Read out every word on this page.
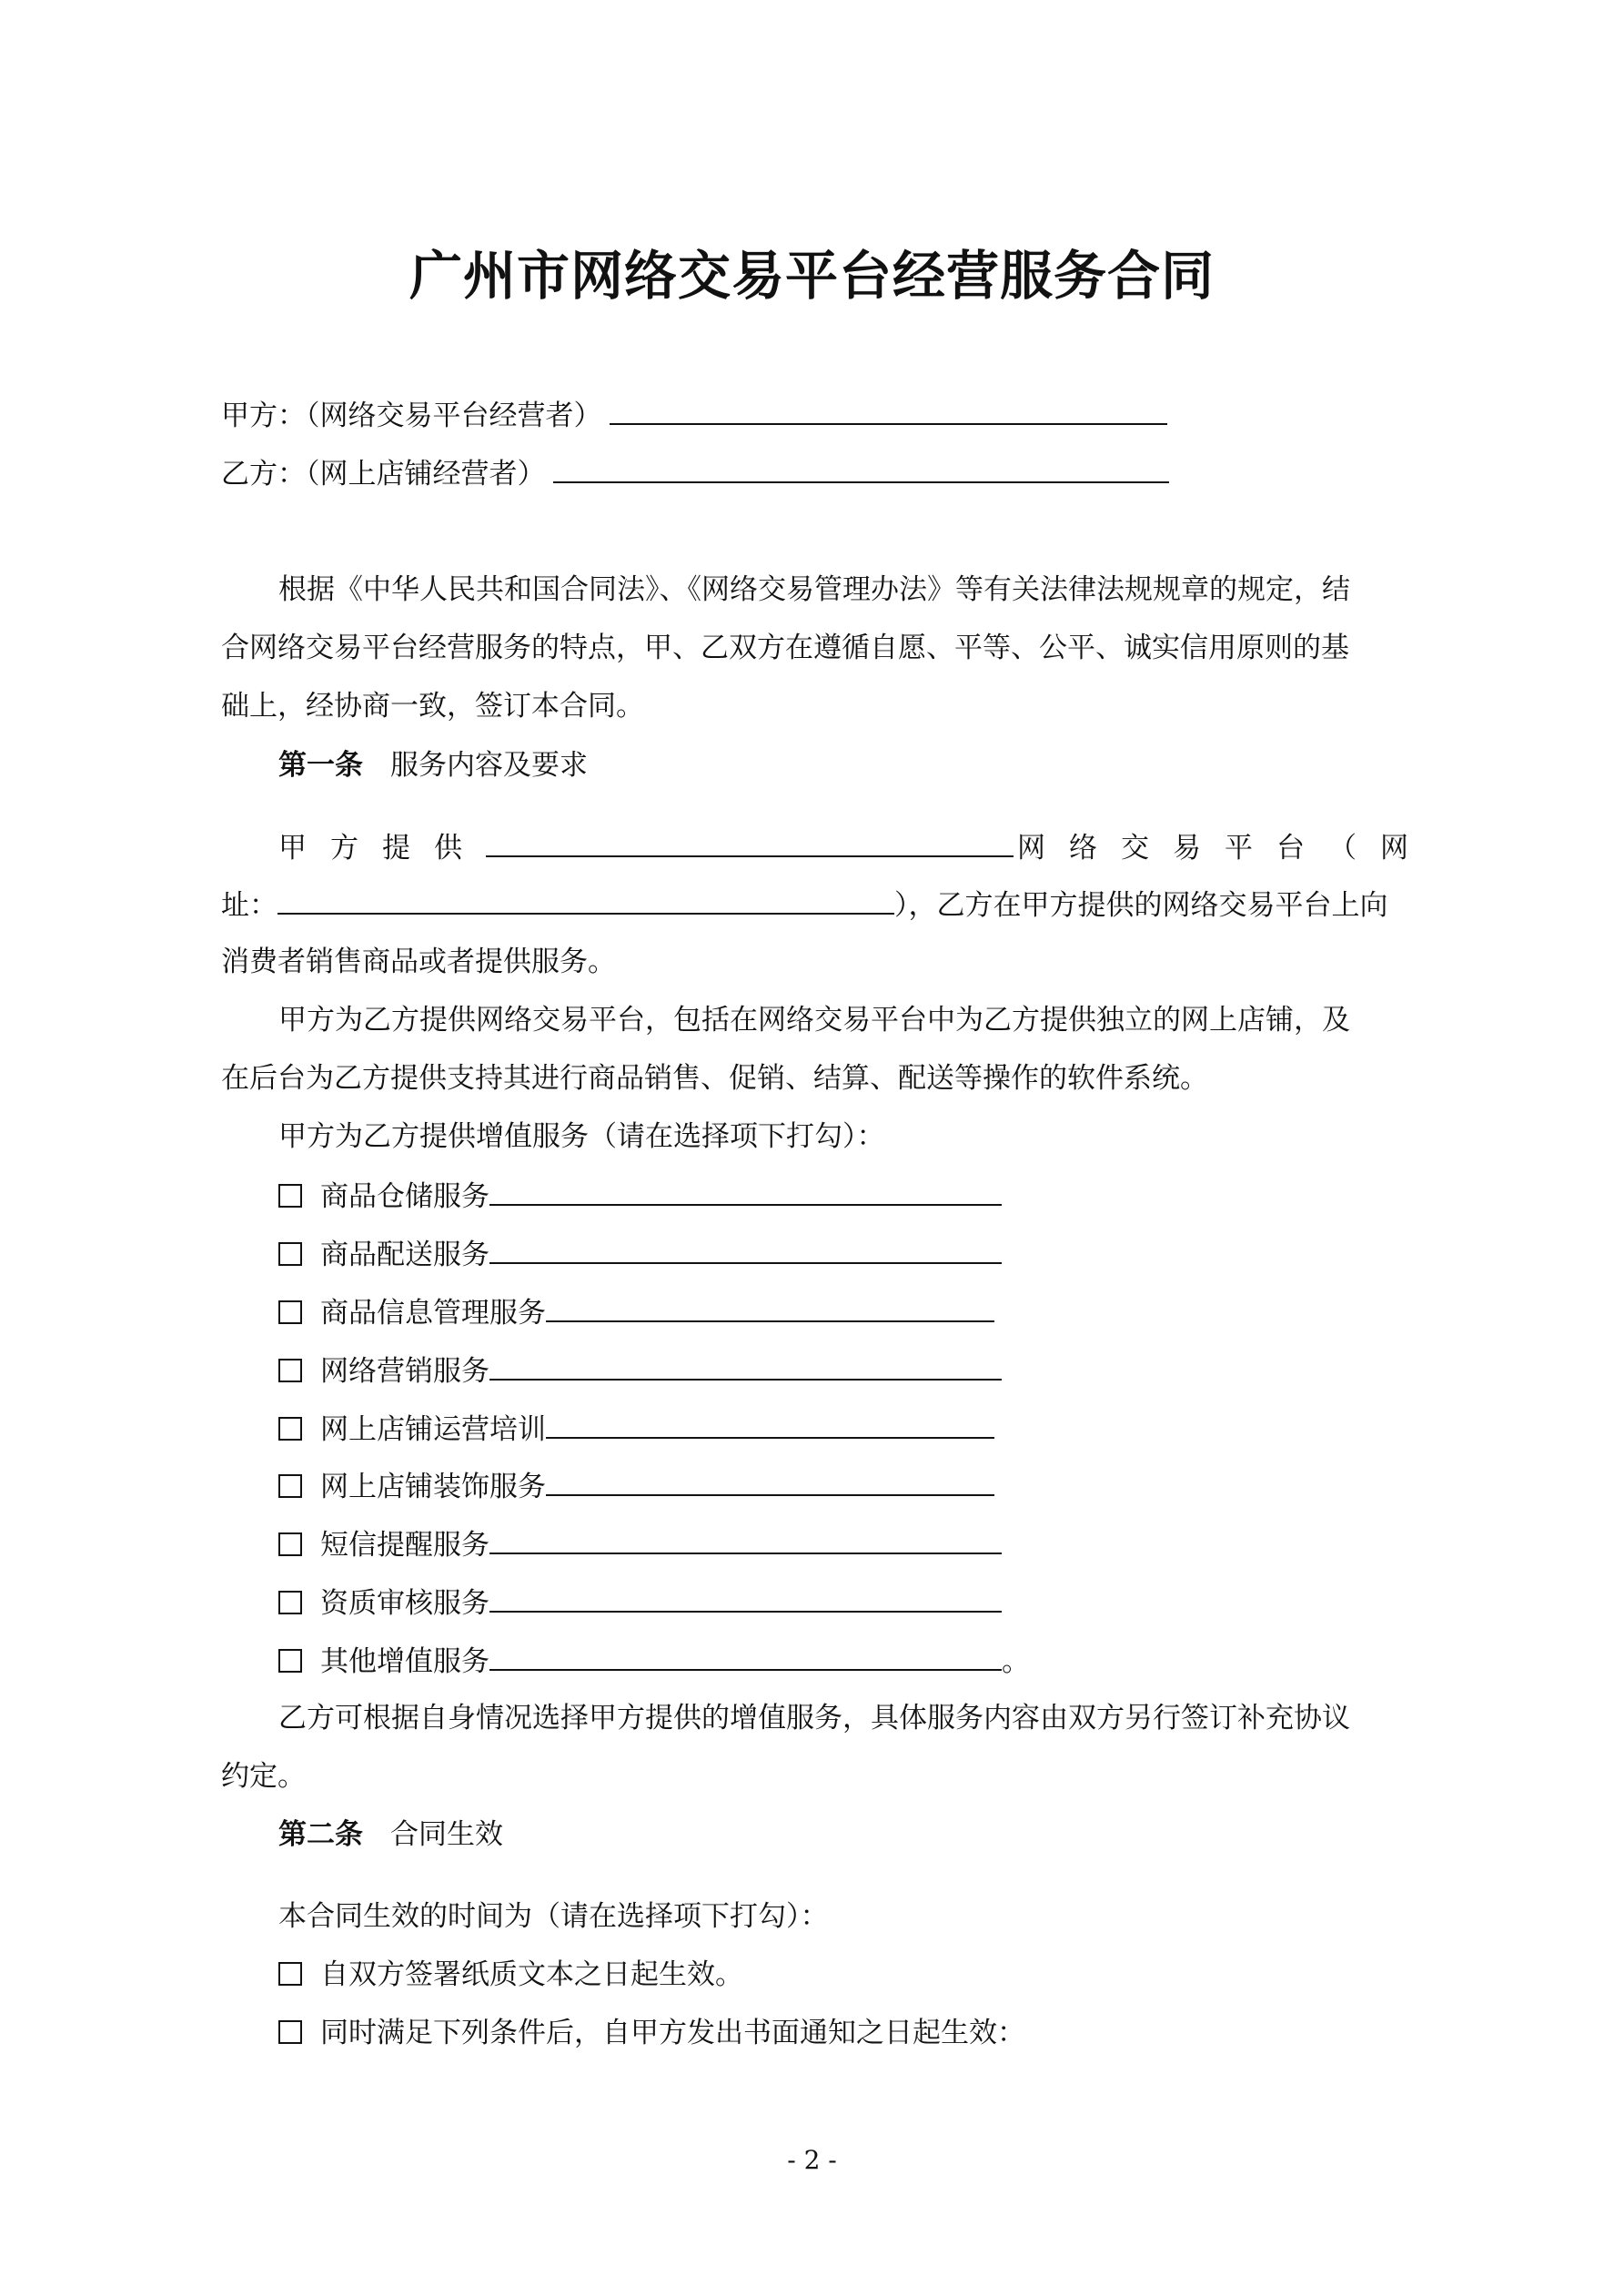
广州市网络交易平台经营服务合同
甲方：（网络交易平台经营者）
乙方：（网上店铺经营者）
根据《中华人民共和国合同法》、《网络交易管理办法》等有关法律法规规章的规定，结
合网络交易平台经营服务的特点，甲、乙双方在遵循自愿、平等、公平、诚实信用原则的基
础上，经协商一致，签订本合同。
第一条 服务内容及要求
甲方提供	网络交易平台（网
址：	），乙方在甲方提供的网络交易平台上向
消费者销售商品或者提供服务。
甲方为乙方提供网络交易平台，包括在网络交易平台中为乙方提供独立的网上店铺，及
在后台为乙方提供支持其进行商品销售、促销、结算、配送等操作的软件系统。
甲方为乙方提供增值服务（请在选择项下打勾）：
商品仓储服务
商品配送服务
商品信息管理服务
网络营销服务
网上店铺运营培训
网上店铺装饰服务
短信提醒服务
资质审核服务
其他增值服务	。
乙方可根据自身情况选择甲方提供的增值服务，具体服务内容由双方另行签订补充协议
约定。
第二条 合同生效
本合同生效的时间为（请在选择项下打勾）：
自双方签署纸质文本之日起生效。
同时满足下列条件后，自甲方发出书面通知之日起生效：
- 2 -
